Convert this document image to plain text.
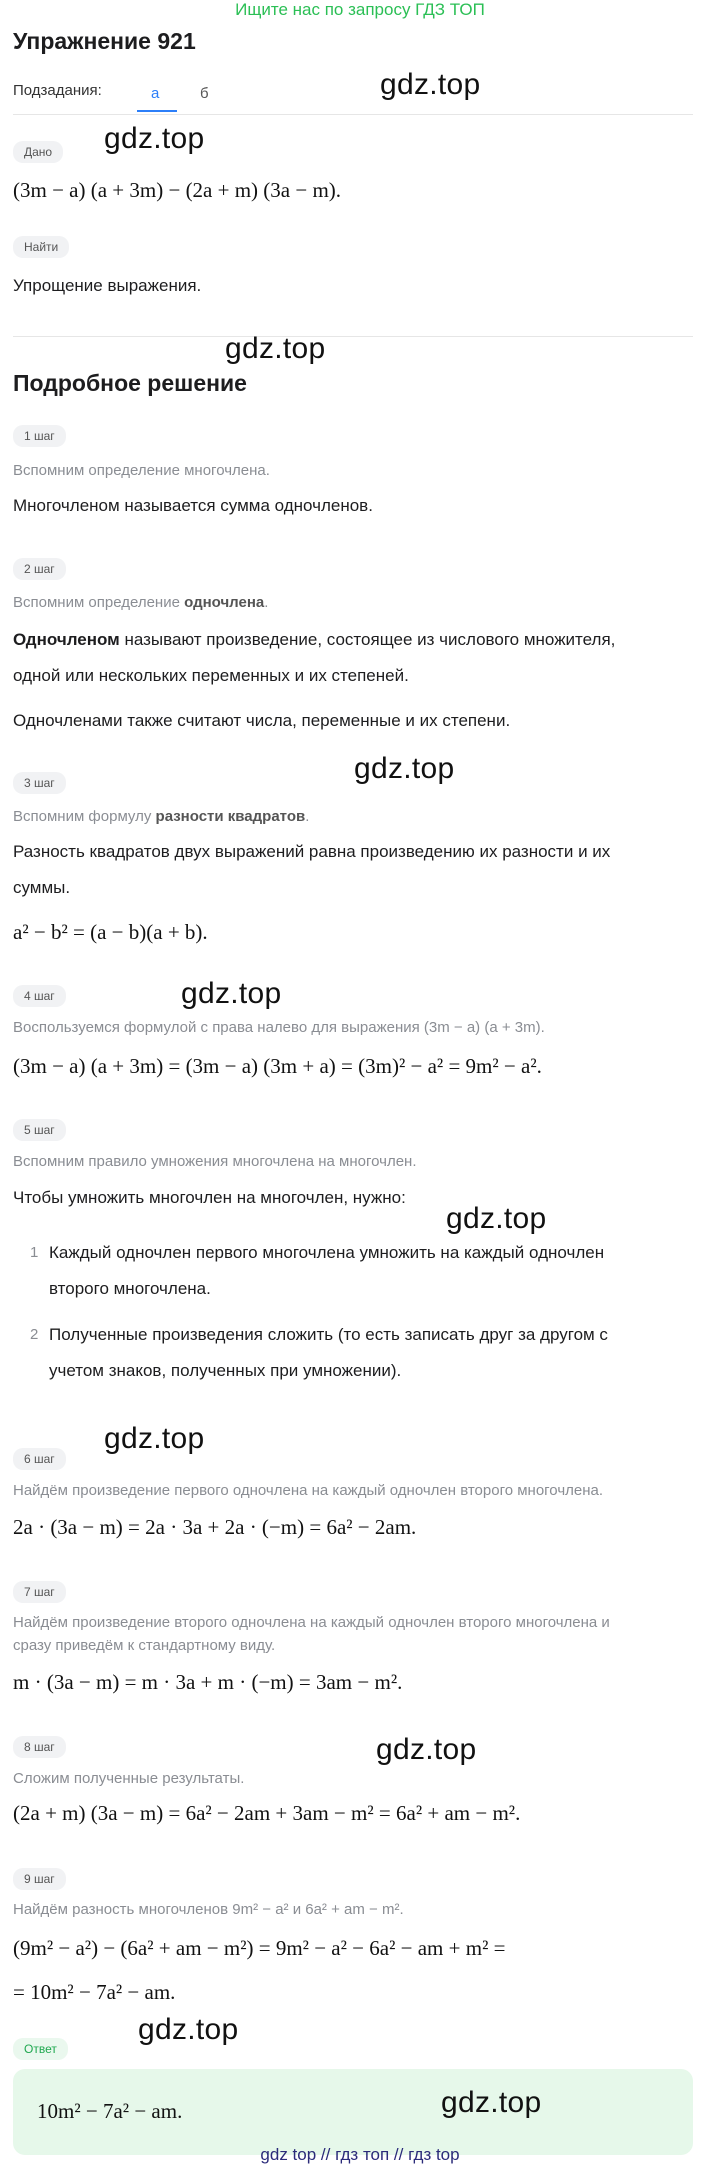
Ищите нас по запросу ГДЗ ТОП
Упражнение 921
Подзадания:	а	б
Дано
(3m − a) (a + 3m) − (2a + m) (3a − m).
Найти
Упрощение выражения.
Подробное решение
1 шаг
Вспомним определение многочлена.
Многочленом называется сумма одночленов.
2 шаг
Вспомним определение одночлена.
Одночленом называют произведение, состоящее из числового множителя,
одной или нескольких переменных и их степеней.
Одночленами также считают числа, переменные и их степени.
3 шаг
Вспомним формулу разности квадратов.
Разность квадратов двух выражений равна произведению их разности и их
суммы.
a² − b² = (a − b)(a + b).
4 шаг
Воспользуемся формулой с права налево для выражения (3m − a) (a + 3m).
(3m − a) (a + 3m) = (3m − a) (3m + a) = (3m)² − a² = 9m² − a².
5 шаг
Вспомним правило умножения многочлена на многочлен.
Чтобы умножить многочлен на многочлен, нужно:
1 Каждый одночлен первого многочлена умножить на каждый одночлен
второго многочлена.
2 Полученные произведения сложить (то есть записать друг за другом с
учетом знаков, полученных при умножении).
6 шаг
Найдём произведение первого одночлена на каждый одночлен второго многочлена.
2a · (3a − m) = 2a · 3a + 2a · (−m) = 6a² − 2am.
7 шаг
Найдём произведение второго одночлена на каждый одночлен второго многочлена и
сразу приведём к стандартному виду.
m · (3a − m) = m · 3a + m · (−m) = 3am − m².
8 шаг
Сложим полученные результаты.
(2a + m) (3a − m) = 6a² − 2am + 3am − m² = 6a² + am − m².
9 шаг
Найдём разность многочленов 9m² − a² и 6a² + am − m².
(9m² − a²) − (6a² + am − m²) = 9m² − a² − 6a² − am + m² =
= 10m² − 7a² − am.
Ответ
10m² − 7a² − am.
gdz.top
gdz.top
gdz.top
gdz.top
gdz.top
gdz.top
gdz.top
gdz.top
gdz.top
gdz.top
gdz top // гдз топ // гдз top
